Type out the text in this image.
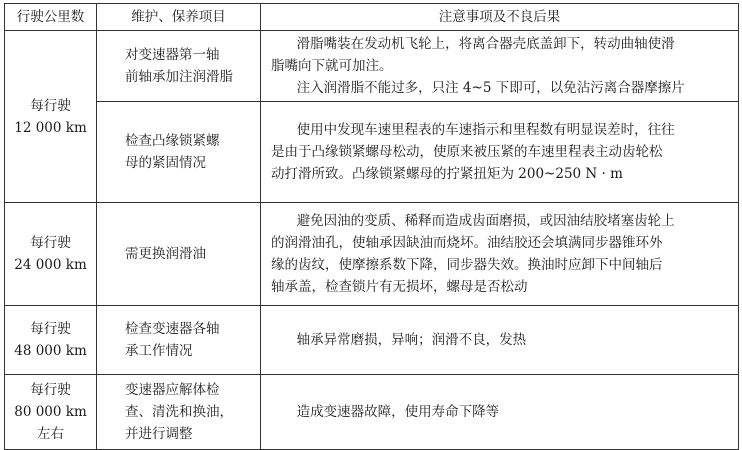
行驶公里数	维护、保养项目	注意事项及不良后果

每行驶
12 000 km	对变速器第一轴
前轴承加注润滑脂	滑脂嘴装在发动机飞轮上，将离合器壳底盖卸下，转动曲轴使滑
脂嘴向下就可加注。
注入润滑脂不能过多，只注 4~5 下即可，以免沾污离合器摩擦片

	检查凸缘锁紧螺
母的紧固情况	使用中发现车速里程表的车速指示和里程数有明显误差时，往往
是由于凸缘锁紧螺母松动，使原来被压紧的车速里程表主动齿轮松
动打滑所致。凸缘锁紧螺母的拧紧扭矩为 200~250 N · m

每行驶
24 000 km	需更换润滑油	避免因油的变质、稀释而造成齿面磨损，或因油结胶堵塞齿轮上
的润滑油孔，使轴承因缺油而烧坏。油结胶还会填满同步器锥环外
缘的齿纹，使摩擦系数下降，同步器失效。换油时应卸下中间轴后
轴承盖，检查锁片有无损坏，螺母是否松动

每行驶
48 000 km	检查变速器各轴
承工作情况	轴承异常磨损，异响；润滑不良，发热

每行驶
80 000 km
左右	变速器应解体检
查、清洗和换油，
并进行调整	造成变速器故障，使用寿命下降等
